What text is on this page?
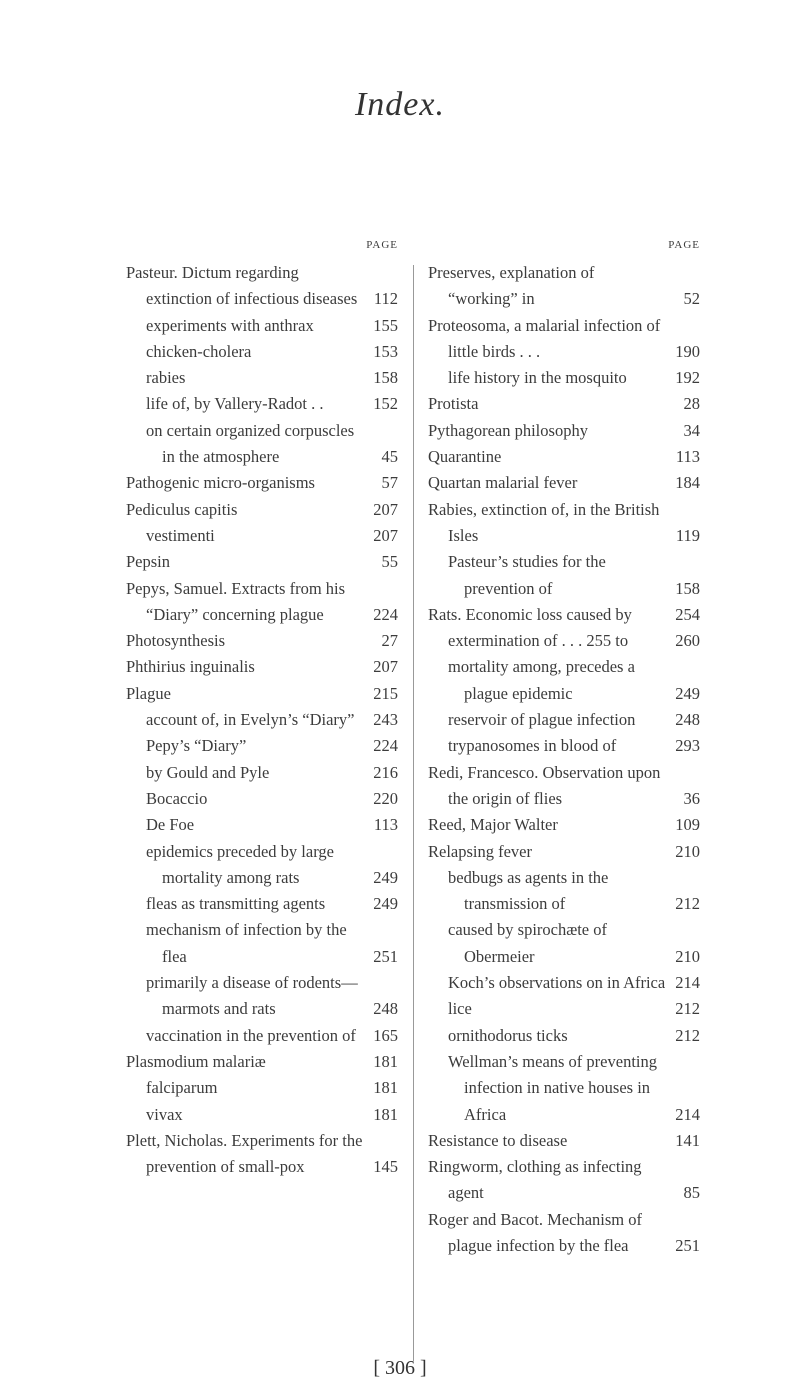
Index.
PAGE
Pasteur. Dictum regarding extinction of infectious diseases	112
experiments with anthrax	155
chicken-cholera	153
rabies	158
life of, by Vallery-Radot . .	152
on certain organized corpuscles in the atmosphere	45
Pathogenic micro-organisms	57
Pediculus capitis	207
vestimenti	207
Pepsin	55
Pepys, Samuel. Extracts from his “Diary” concerning plague	224
Photosynthesis	27
Phthirius inguinalis	207
Plague	215
account of, in Evelyn’s “Diary”	243
Pepy’s “Diary”	224
by Gould and Pyle	216
Bocaccio	220
De Foe	113
epidemics preceded by large mortality among rats	249
fleas as transmitting agents	249
mechanism of infection by the flea	251
primarily a disease of rodents—marmots and rats	248
vaccination in the prevention of	165
Plasmodium malariæ	181
falciparum	181
vivax	181
Plett, Nicholas. Experiments for the prevention of small-pox	145
PAGE
Preserves, explanation of “working” in	52
Proteosoma, a malarial infection of little birds . . .	190
life history in the mosquito	192
Protista	28
Pythagorean philosophy	34
Quarantine	113
Quartan malarial fever	184
Rabies, extinction of, in the British Isles	119
Pasteur’s studies for the prevention of	158
Rats. Economic loss caused by	254
extermination of . . . 255 to	260
mortality among, precedes a plague epidemic	249
reservoir of plague infection	248
trypanosomes in blood of	293
Redi, Francesco. Observation upon the origin of flies	36
Reed, Major Walter	109
Relapsing fever	210
bedbugs as agents in the transmission of	212
caused by spirochæte of Obermeier	210
Koch’s observations on in Africa 214
lice	212
ornithodorus ticks	212
Wellman’s means of preventing infection in native houses in Africa	214
Resistance to disease	141
Ringworm, clothing as infecting agent	85
Roger and Bacot. Mechanism of plague infection by the flea	251
[ 306 ]
